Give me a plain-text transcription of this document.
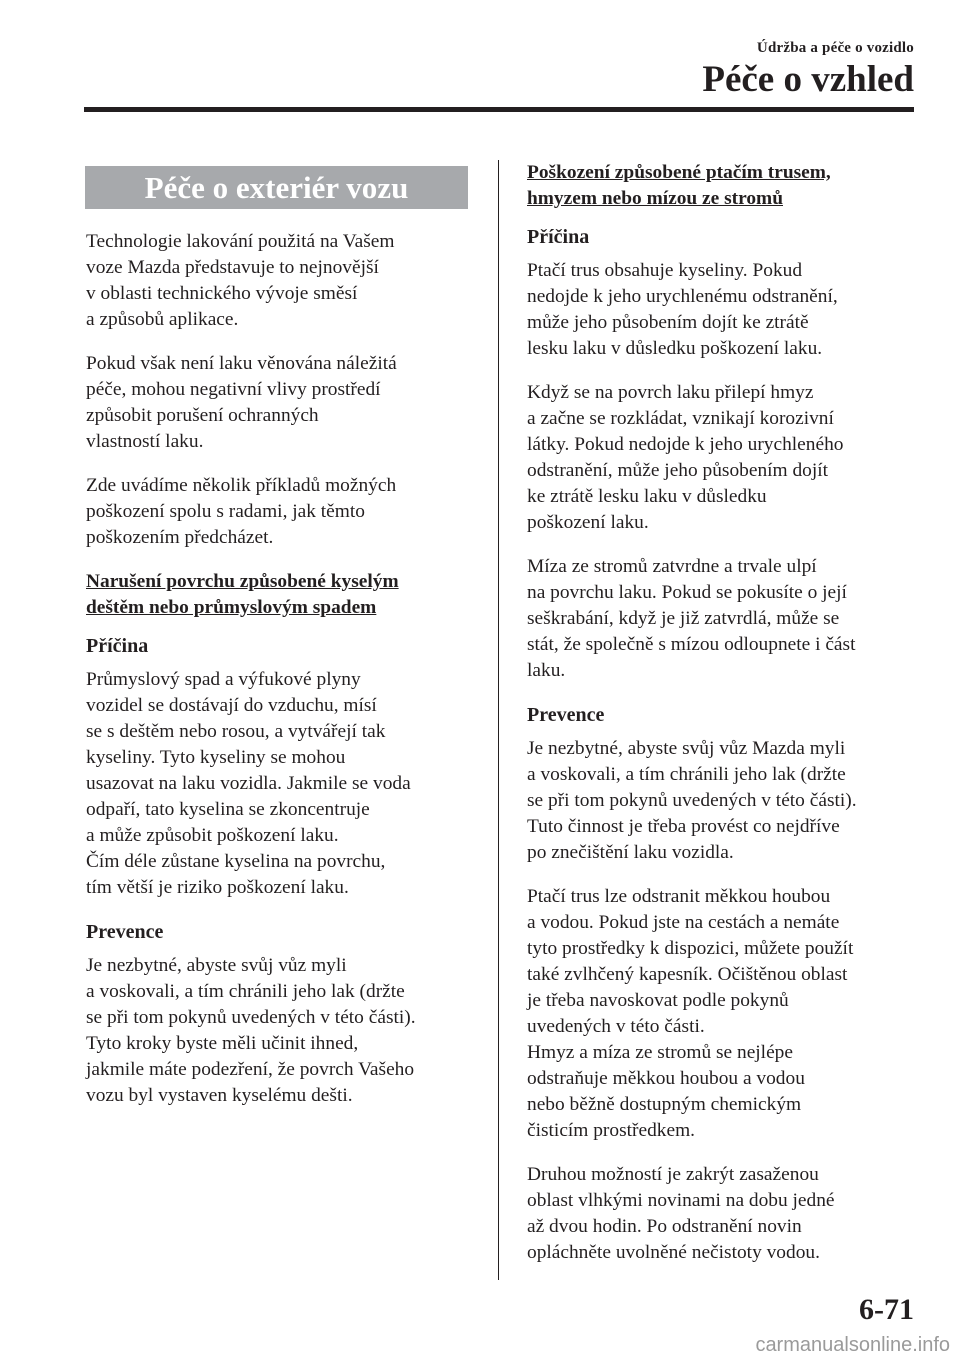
Údržba a péče o vozidlo
Péče o vzhled
Péče o exteriér vozu

Technologie lakování použitá na Vašem
voze Mazda představuje to nejnovější
v oblasti technického vývoje směsí
a způsobů aplikace.

Pokud však není laku věnována náležitá
péče, mohou negativní vlivy prostředí
způsobit porušení ochranných
vlastností laku.

Zde uvádíme několik příkladů možných
poškození spolu s radami, jak těmto
poškozením předcházet.

Narušení povrchu způsobené kyselým
deštěm nebo průmyslovým spadem
Příčina

Průmyslový spad a výfukové plyny
vozidel se dostávají do vzduchu, mísí
se s deštěm nebo rosou, a vytvářejí tak
kyseliny. Tyto kyseliny se mohou
usazovat na laku vozidla. Jakmile se voda
odpaří, tato kyselina se zkoncentruje
a může způsobit poškození laku.
Čím déle zůstane kyselina na povrchu,
tím větší je riziko poškození laku.

Prevence

Je nezbytné, abyste svůj vůz myli
a voskovali, a tím chránili jeho lak (držte
se při tom pokynů uvedených v této části).
Tyto kroky byste měli učinit ihned,
jakmile máte podezření, že povrch Vašeho
vozu byl vystaven kyselému dešti.

Poškození způsobené ptačím trusem,
hmyzem nebo mízou ze stromů
Příčina

Ptačí trus obsahuje kyseliny. Pokud
nedojde k jeho urychlenému odstranění,
může jeho působením dojít ke ztrátě
lesku laku v důsledku poškození laku.

Když se na povrch laku přilepí hmyz
a začne se rozkládat, vznikají korozivní
látky. Pokud nedojde k jeho urychleného
odstranění, může jeho působením dojít
ke ztrátě lesku laku v důsledku
poškození laku.

Míza ze stromů zatvrdne a trvale ulpí
na povrchu laku. Pokud se pokusíte o její
seškrabání, když je již zatvrdlá, může se
stát, že společně s mízou odloupnete i část
laku.

Prevence

Je nezbytné, abyste svůj vůz Mazda myli
a voskovali, a tím chránili jeho lak (držte
se při tom pokynů uvedených v této části).
Tuto činnost je třeba provést co nejdříve
po znečištění laku vozidla.

Ptačí trus lze odstranit měkkou houbou
a vodou. Pokud jste na cestách a nemáte
tyto prostředky k dispozici, můžete použít
také zvlhčený kapesník. Očištěnou oblast
je třeba navoskovat podle pokynů
uvedených v této části.
Hmyz a míza ze stromů se nejlépe
odstraňuje měkkou houbou a vodou
nebo běžně dostupným chemickým
čisticím prostředkem.

Druhou možností je zakrýt zasaženou
oblast vlhkými novinami na dobu jedné
až dvou hodin. Po odstranění novin
opláchněte uvolněné nečistoty vodou.

6-71
carmanualsonline.info
